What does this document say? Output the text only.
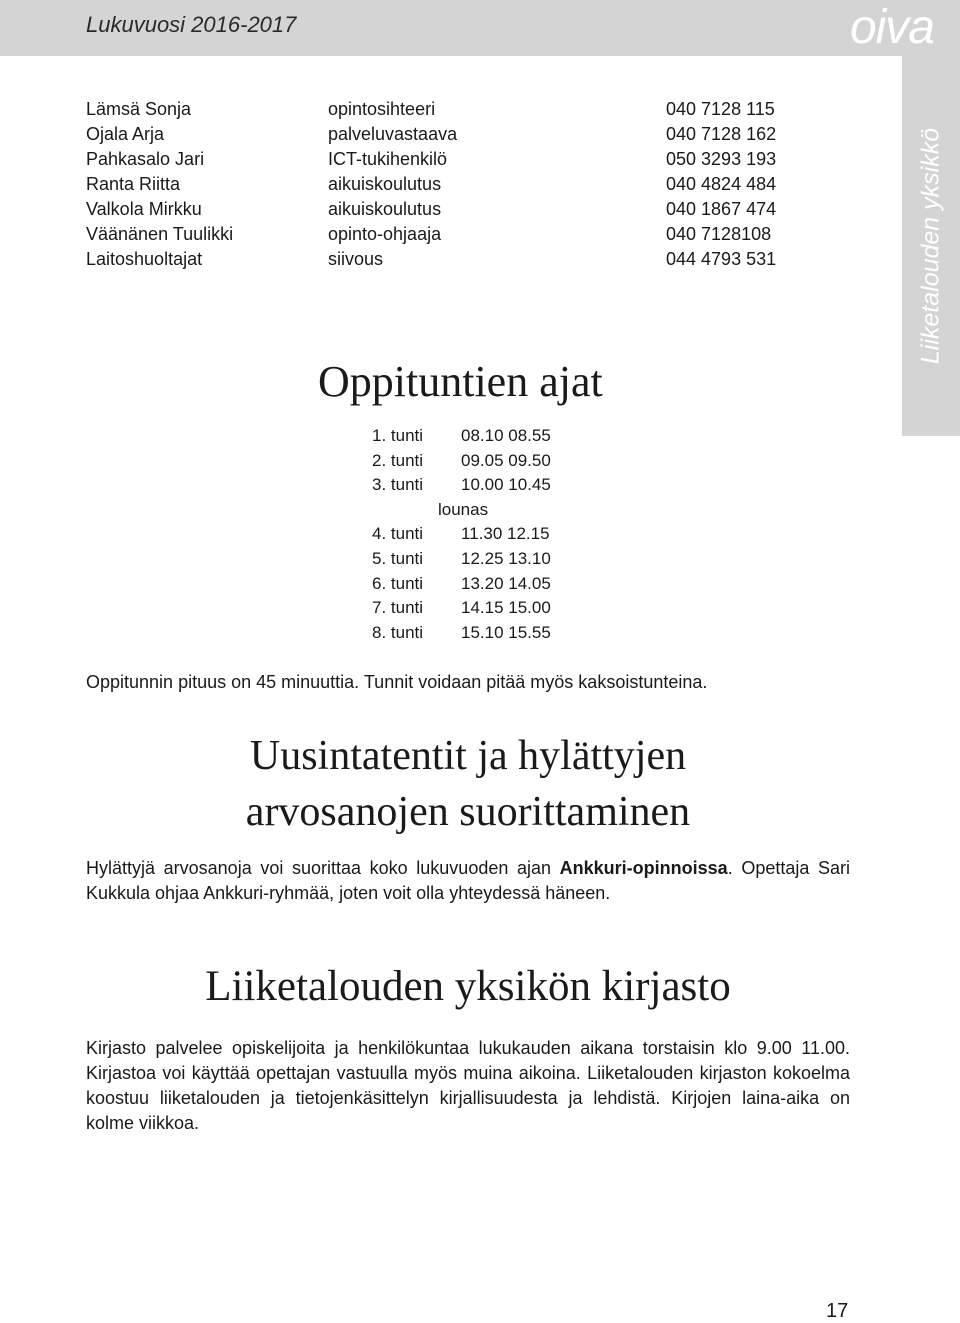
Lukuvuosi 2016-2017	oiva
Liiketalouden yksikkö
Lämsä Sonja	opintosihteeri	040 7128 115
Ojala Arja	palveluvastaava	040 7128 162
Pahkasalo Jari	ICT-tukihenkilö	050 3293 193
Ranta Riitta	aikuiskoulutus	040 4824 484
Valkola Mirkku	aikuiskoulutus	040 1867 474
Väänänen Tuulikki	opinto-ohjaaja	040 7128108
Laitoshuoltajat	siivous	044 4793 531
Oppituntien ajat
1. tunti 08.10 08.55
2. tunti 09.05 09.50
3. tunti 10.00 10.45
lounas
4. tunti 11.30 12.15
5. tunti 12.25 13.10
6. tunti 13.20 14.05
7. tunti 14.15 15.00
8. tunti 15.10 15.55
Oppitunnin pituus on 45 minuuttia. Tunnit voidaan pitää myös kaksoistunteina.
Uusintatentit ja hylättyjen
arvosanojen suorittaminen
Hylättyjä arvosanoja voi suorittaa koko lukuvuoden ajan Ankkuri-opinnoissa. Opettaja Sari Kukkula ohjaa Ankkuri-ryhmää, joten voit olla yhteydessä häneen.
Liiketalouden yksikön kirjasto
Kirjasto palvelee opiskelijoita ja henkilökuntaa lukukauden aikana torstaisin klo 9.00 11.00. Kirjastoa voi käyttää opettajan vastuulla myös muina aikoina. Liiketalouden kirjaston kokoelma koostuu liiketalouden ja tietojenkäsittelyn kirjallisuudesta ja lehdistä. Kirjojen laina-aika on kolme viikkoa.
17
